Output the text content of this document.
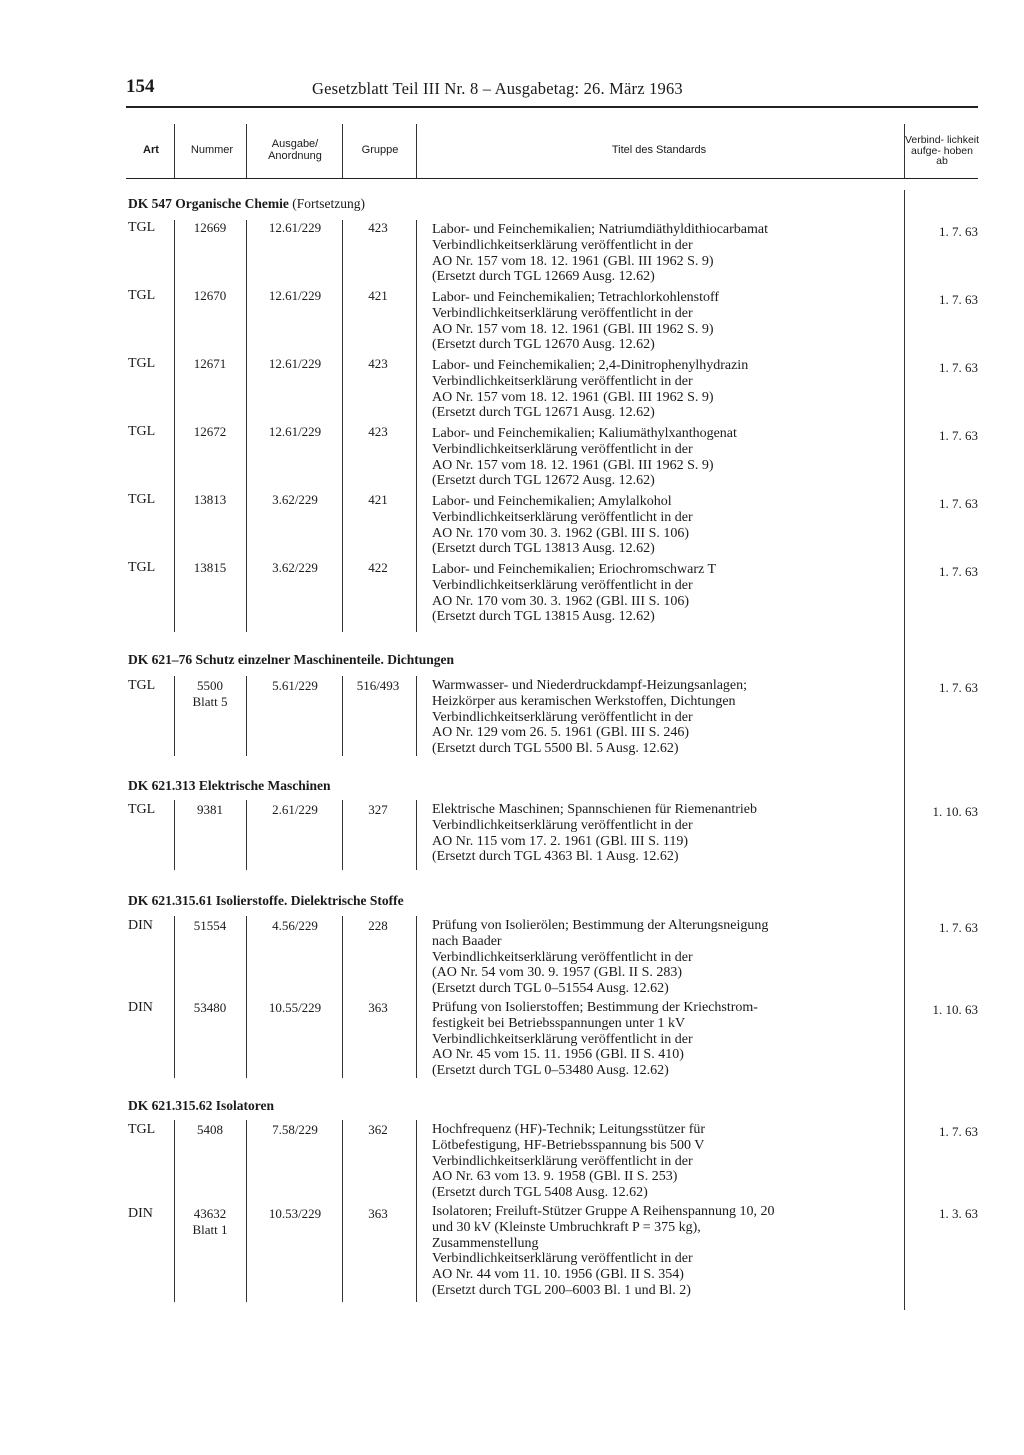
154	Gesetzblatt Teil III Nr. 8 – Ausgabetag: 26. März 1963
Art	Nummer	Ausgabe/ Anordnung	Gruppe	Titel des Standards
Verbind- lichkeit aufge- hoben ab
DK 547 Organische Chemie (Fortsetzung)
TGL	12669	12.61/229	423	Labor- und Feinchemikalien; Natriumdiäthyldithiocarbamat
Verbindlichkeitserklärung veröffentlicht in der
AO Nr. 157 vom 18. 12. 1961 (GBl. III 1962 S. 9)
(Ersetzt durch TGL 12669 Ausg. 12.62)
1. 7. 63
TGL	12670	12.61/229	421	Labor- und Feinchemikalien; Tetrachlorkohlenstoff
Verbindlichkeitserklärung veröffentlicht in der
AO Nr. 157 vom 18. 12. 1961 (GBl. III 1962 S. 9)
(Ersetzt durch TGL 12670 Ausg. 12.62)
1. 7. 63
TGL	12671	12.61/229	423	Labor- und Feinchemikalien; 2,4-Dinitrophenylhydrazin
Verbindlichkeitserklärung veröffentlicht in der
AO Nr. 157 vom 18. 12. 1961 (GBl. III 1962 S. 9)
(Ersetzt durch TGL 12671 Ausg. 12.62)
1. 7. 63
TGL	12672	12.61/229	423	Labor- und Feinchemikalien; Kaliumäthylxanthogenat
Verbindlichkeitserklärung veröffentlicht in der
AO Nr. 157 vom 18. 12. 1961 (GBl. III 1962 S. 9)
(Ersetzt durch TGL 12672 Ausg. 12.62)
1. 7. 63
TGL	13813	3.62/229	421	Labor- und Feinchemikalien; Amylalkohol
Verbindlichkeitserklärung veröffentlicht in der
AO Nr. 170 vom 30. 3. 1962 (GBl. III S. 106)
(Ersetzt durch TGL 13813 Ausg. 12.62)
1. 7. 63
TGL	13815	3.62/229	422	Labor- und Feinchemikalien; Eriochromschwarz T
Verbindlichkeitserklärung veröffentlicht in der
AO Nr. 170 vom 30. 3. 1962 (GBl. III S. 106)
(Ersetzt durch TGL 13815 Ausg. 12.62)
1. 7. 63
DK 621–76 Schutz einzelner Maschinenteile. Dichtungen
TGL	5500
Blatt 5
5.61/229	516/493	Warmwasser- und Niederdruckdampf-Heizungsanlagen;
Heizkörper aus keramischen Werkstoffen, Dichtungen
Verbindlichkeitserklärung veröffentlicht in der
AO Nr. 129 vom 26. 5. 1961 (GBl. III S. 246)
(Ersetzt durch TGL 5500 Bl. 5 Ausg. 12.62)
1. 7. 63
DK 621.313 Elektrische Maschinen
TGL	9381	2.61/229	327	Elektrische Maschinen; Spannschienen für Riemenantrieb
Verbindlichkeitserklärung veröffentlicht in der
AO Nr. 115 vom 17. 2. 1961 (GBl. III S. 119)
(Ersetzt durch TGL 4363 Bl. 1 Ausg. 12.62)
1. 10. 63
DK 621.315.61 Isolierstoffe. Dielektrische Stoffe
DIN	51554	4.56/229	228	Prüfung von Isolierölen; Bestimmung der Alterungsneigung
nach Baader
Verbindlichkeitserklärung veröffentlicht in der
(AO Nr. 54 vom 30. 9. 1957 (GBl. II S. 283)
(Ersetzt durch TGL 0–51554 Ausg. 12.62)
1. 7. 63
DIN	53480	10.55/229	363	Prüfung von Isolierstoffen; Bestimmung der Kriechstrom-
festigkeit bei Betriebsspannungen unter 1 kV
Verbindlichkeitserklärung veröffentlicht in der
AO Nr. 45 vom 15. 11. 1956 (GBl. II S. 410)
(Ersetzt durch TGL 0–53480 Ausg. 12.62)
1. 10. 63
DK 621.315.62 Isolatoren
TGL	5408	7.58/229	362	Hochfrequenz (HF)-Technik; Leitungsstützer für
Lötbefestigung, HF-Betriebsspannung bis 500 V
Verbindlichkeitserklärung veröffentlicht in der
AO Nr. 63 vom 13. 9. 1958 (GBl. II S. 253)
(Ersetzt durch TGL 5408 Ausg. 12.62)
1. 7. 63
DIN	43632
Blatt 1
10.53/229	363	Isolatoren; Freiluft-Stützer Gruppe A Reihenspannung 10, 20
und 30 kV (Kleinste Umbruchkraft P = 375 kg),
Zusammenstellung
Verbindlichkeitserklärung veröffentlicht in der
AO Nr. 44 vom 11. 10. 1956 (GBl. II S. 354)
(Ersetzt durch TGL 200–6003 Bl. 1 und Bl. 2)
1. 3. 63
